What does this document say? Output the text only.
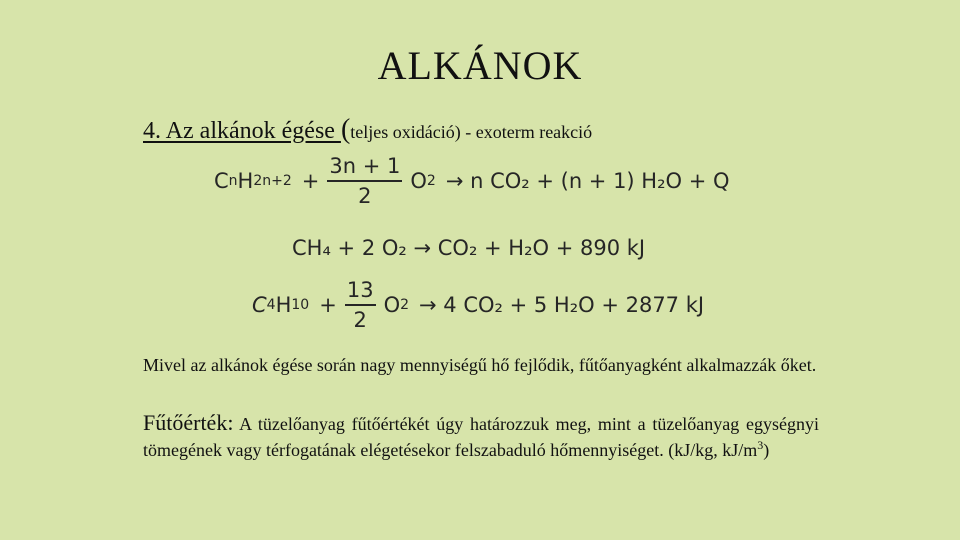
ALKÁNOK
4. Az alkánok égése (teljes oxidáció) - exoterm reakció
C n H $2n+2 + \frac{3n + 1}{2}$ O 2 → n CO₂ + (n + 1) H₂O + Q
CH₄ + 2 O₂ → CO₂ + H₂O + 890 kJ
C 4 H $10 + \frac{13}{2}$ O 2 → 4 CO₂ + 5 H₂O + 2877 kJ
Mivel az alkánok égése során nagy mennyiségű hő fejlődik, fűtőanyagként alkalmazzák őket.
Fűtőérték: A tüzelőanyag fűtőértékét úgy határozzuk meg, mint a tüzelőanyag egységnyi tömegének vagy térfogatának elégetésekor felszabaduló hőmennyiséget. (kJ/kg, $kJ/m^3$)
